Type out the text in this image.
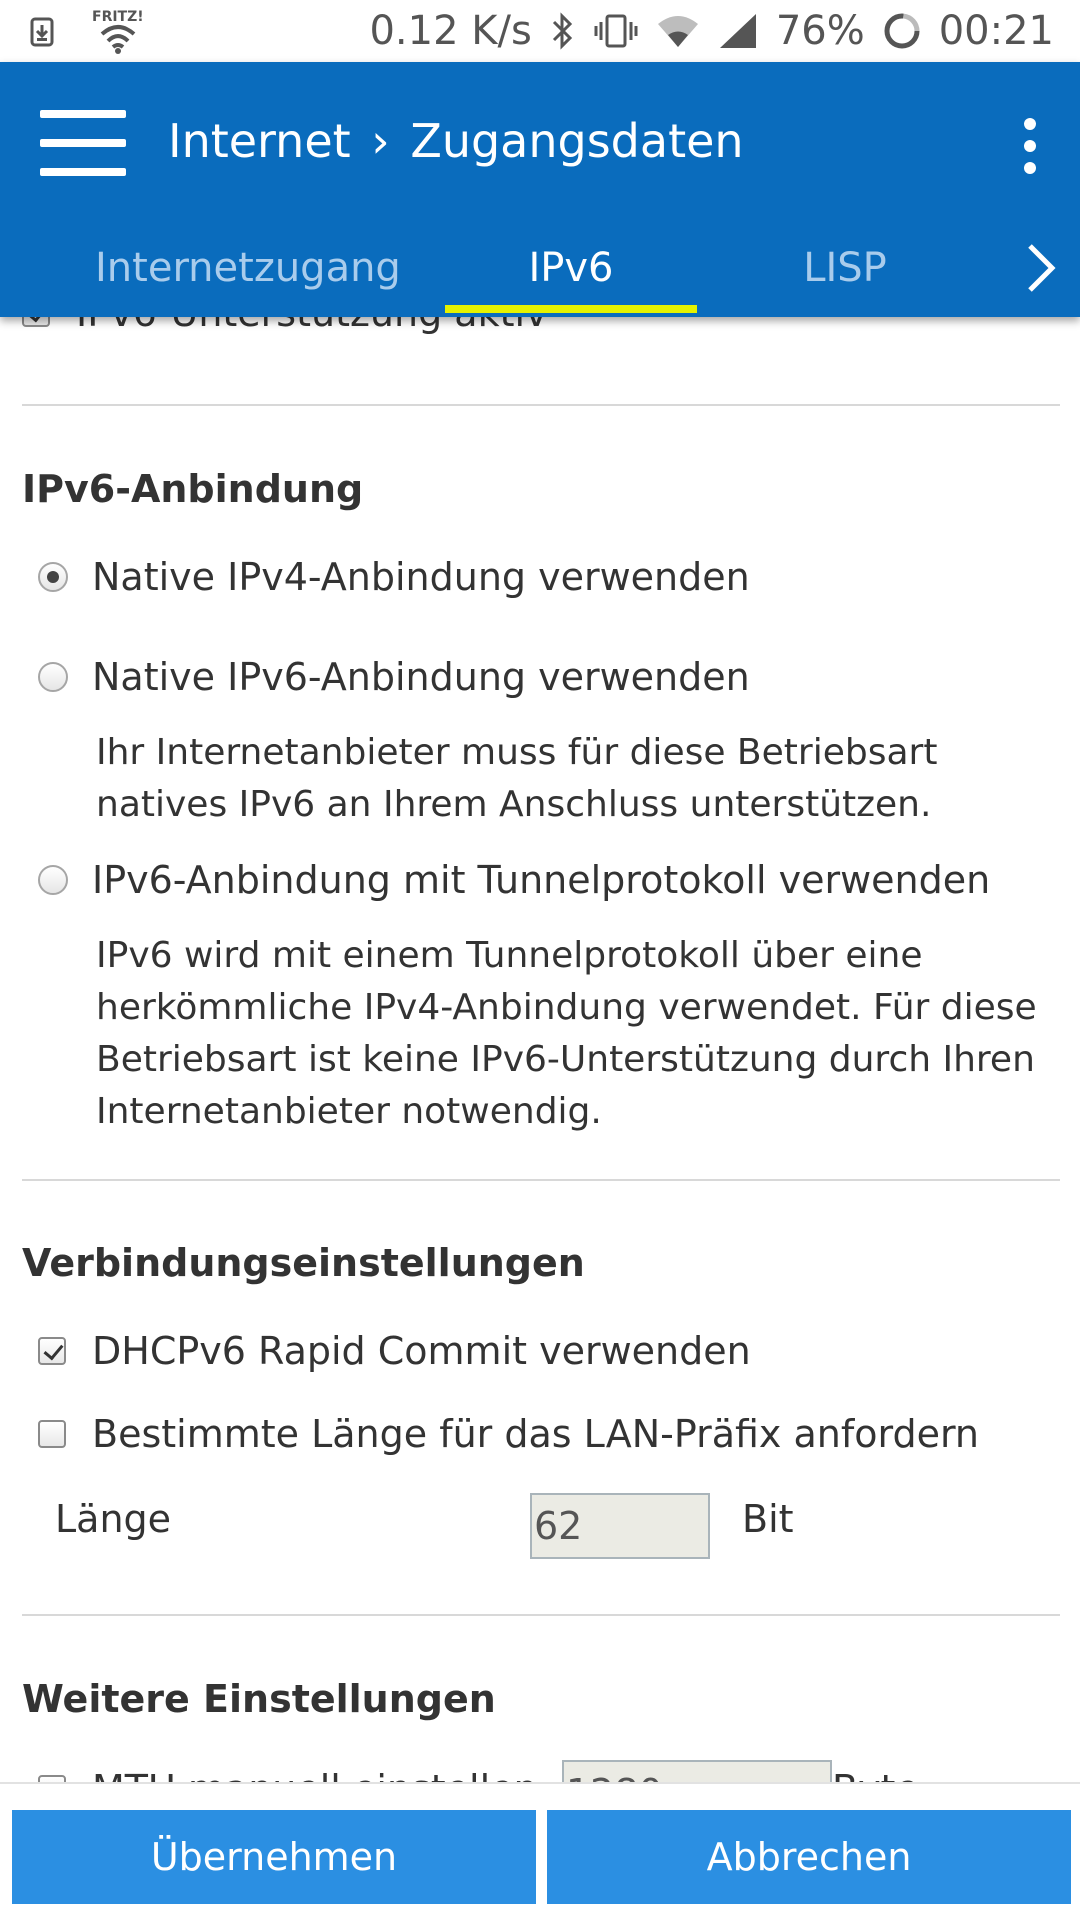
FRITZ!	0.12 K/s	76% 00:21
Internet › Zugangsdaten
Internetzugang	IPv6	LISP
IPv6-Anbindung
Native IPv4-Anbindung verwenden
Native IPv6-Anbindung verwenden
Ihr Internetanbieter muss für diese Betriebsart natives IPv6 an Ihrem Anschluss unterstützen.
IPv6-Anbindung mit Tunnelprotokoll verwenden
IPv6 wird mit einem Tunnelprotokoll über eine herkömmliche IPv4-Anbindung verwendet. Für diese Betriebsart ist keine IPv6-Unterstützung durch Ihren Internetanbieter notwendig.
Verbindungseinstellungen
DHCPv6 Rapid Commit verwenden
Bestimmte Länge für das LAN-Präfix anfordern
Länge
62	Bit
Weitere Einstellungen
1280
Übernehmen	Abbrechen
